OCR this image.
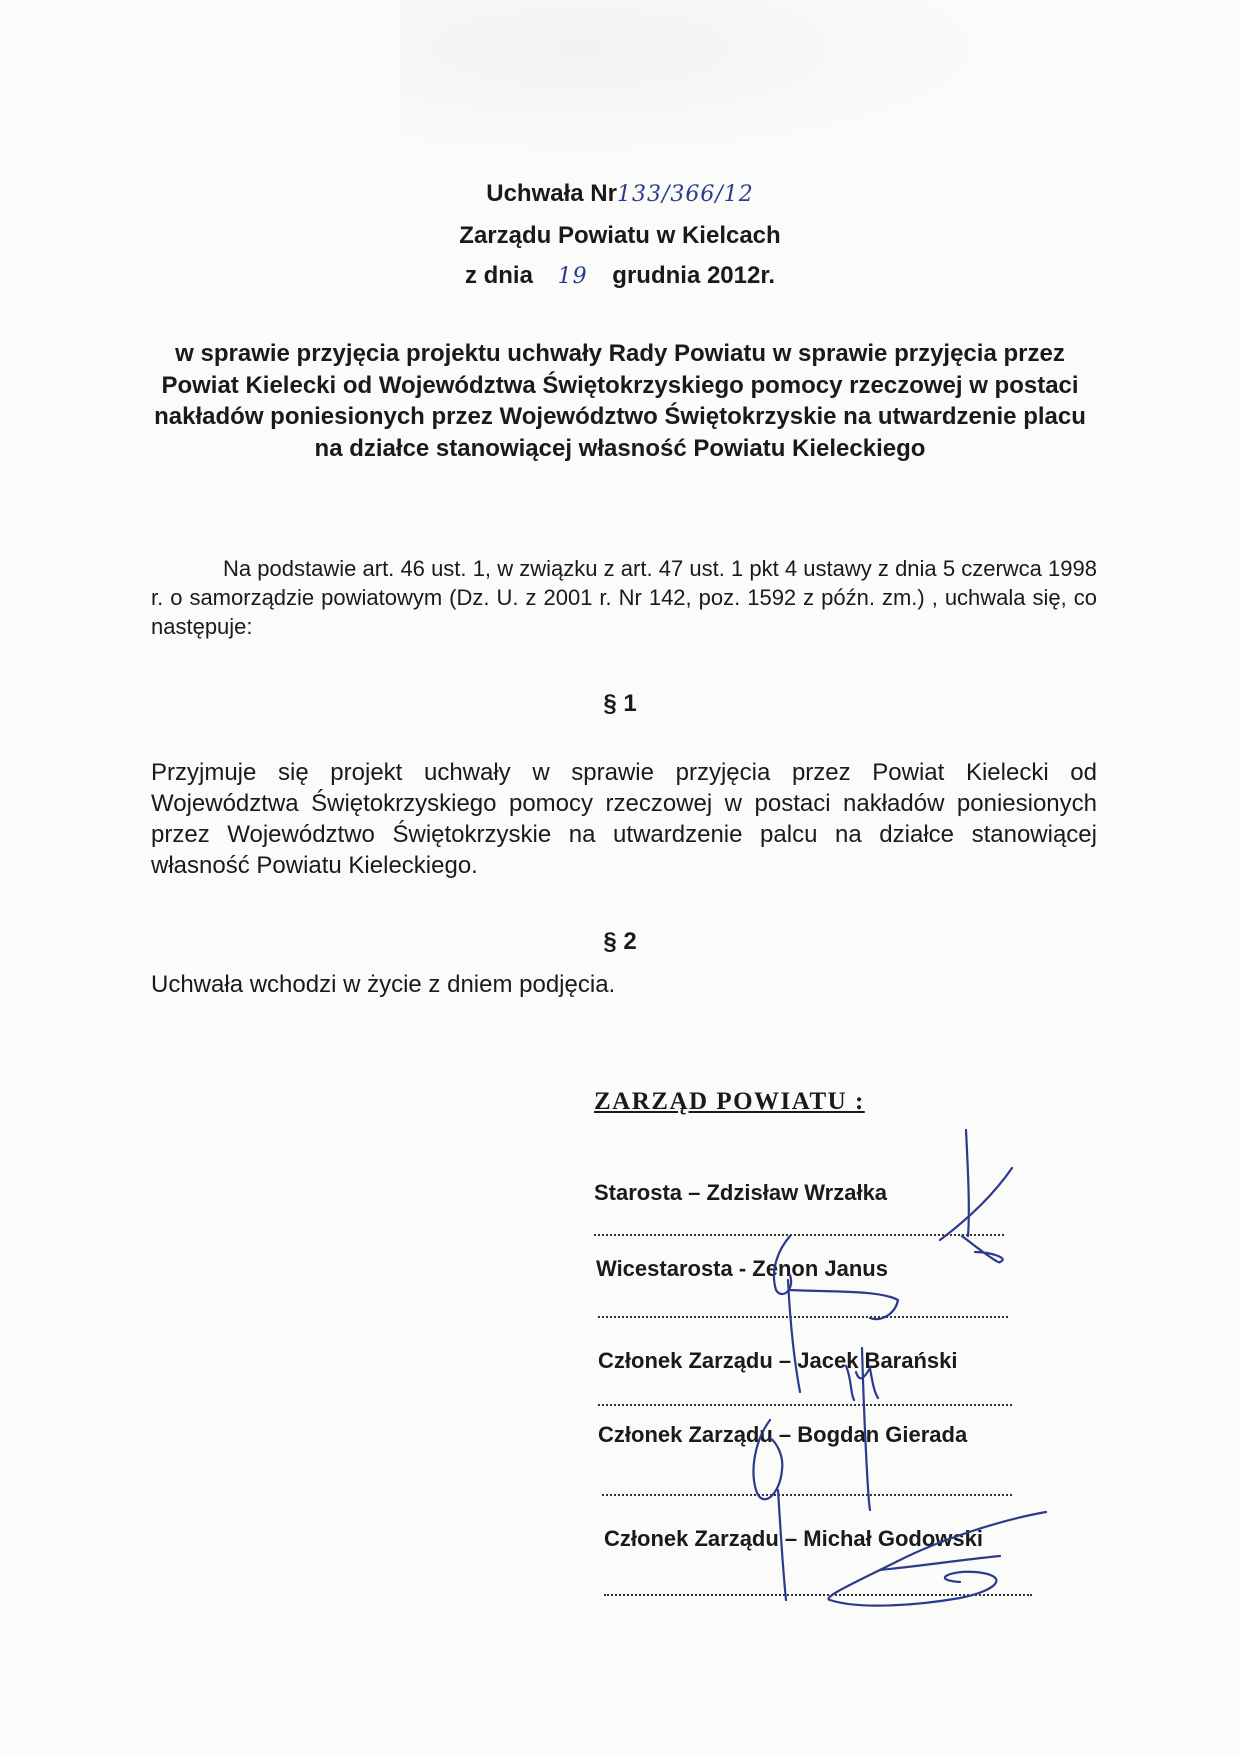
Uchwała Nr133/366/12
Zarządu Powiatu w Kielcach
z dnia 19 grudnia 2012r.
w sprawie przyjęcia projektu uchwały Rady Powiatu w sprawie przyjęcia przez Powiat Kielecki od Województwa Świętokrzyskiego pomocy rzeczowej w postaci nakładów poniesionych przez Województwo Świętokrzyskie na utwardzenie placu na działce stanowiącej własność Powiatu Kieleckiego
Na podstawie art. 46 ust. 1, w związku z art. 47 ust. 1 pkt 4 ustawy z dnia 5 czerwca 1998 r. o samorządzie powiatowym (Dz. U. z 2001 r. Nr 142, poz. 1592 z późn. zm.) , uchwala się, co następuje:
§ 1
Przyjmuje się projekt uchwały w sprawie przyjęcia przez Powiat Kielecki od Województwa Świętokrzyskiego pomocy rzeczowej w postaci nakładów poniesionych przez Województwo Świętokrzyskie na utwardzenie palcu na działce stanowiącej własność Powiatu Kieleckiego.
§ 2
Uchwała wchodzi w życie z dniem podjęcia.
ZARZĄD POWIATU :
Starosta – Zdzisław Wrzałka
Wicestarosta - Zenon Janus
Członek Zarządu – Jacek Barański
Członek Zarządu – Bogdan Gierada
Członek Zarządu – Michał Godowski
